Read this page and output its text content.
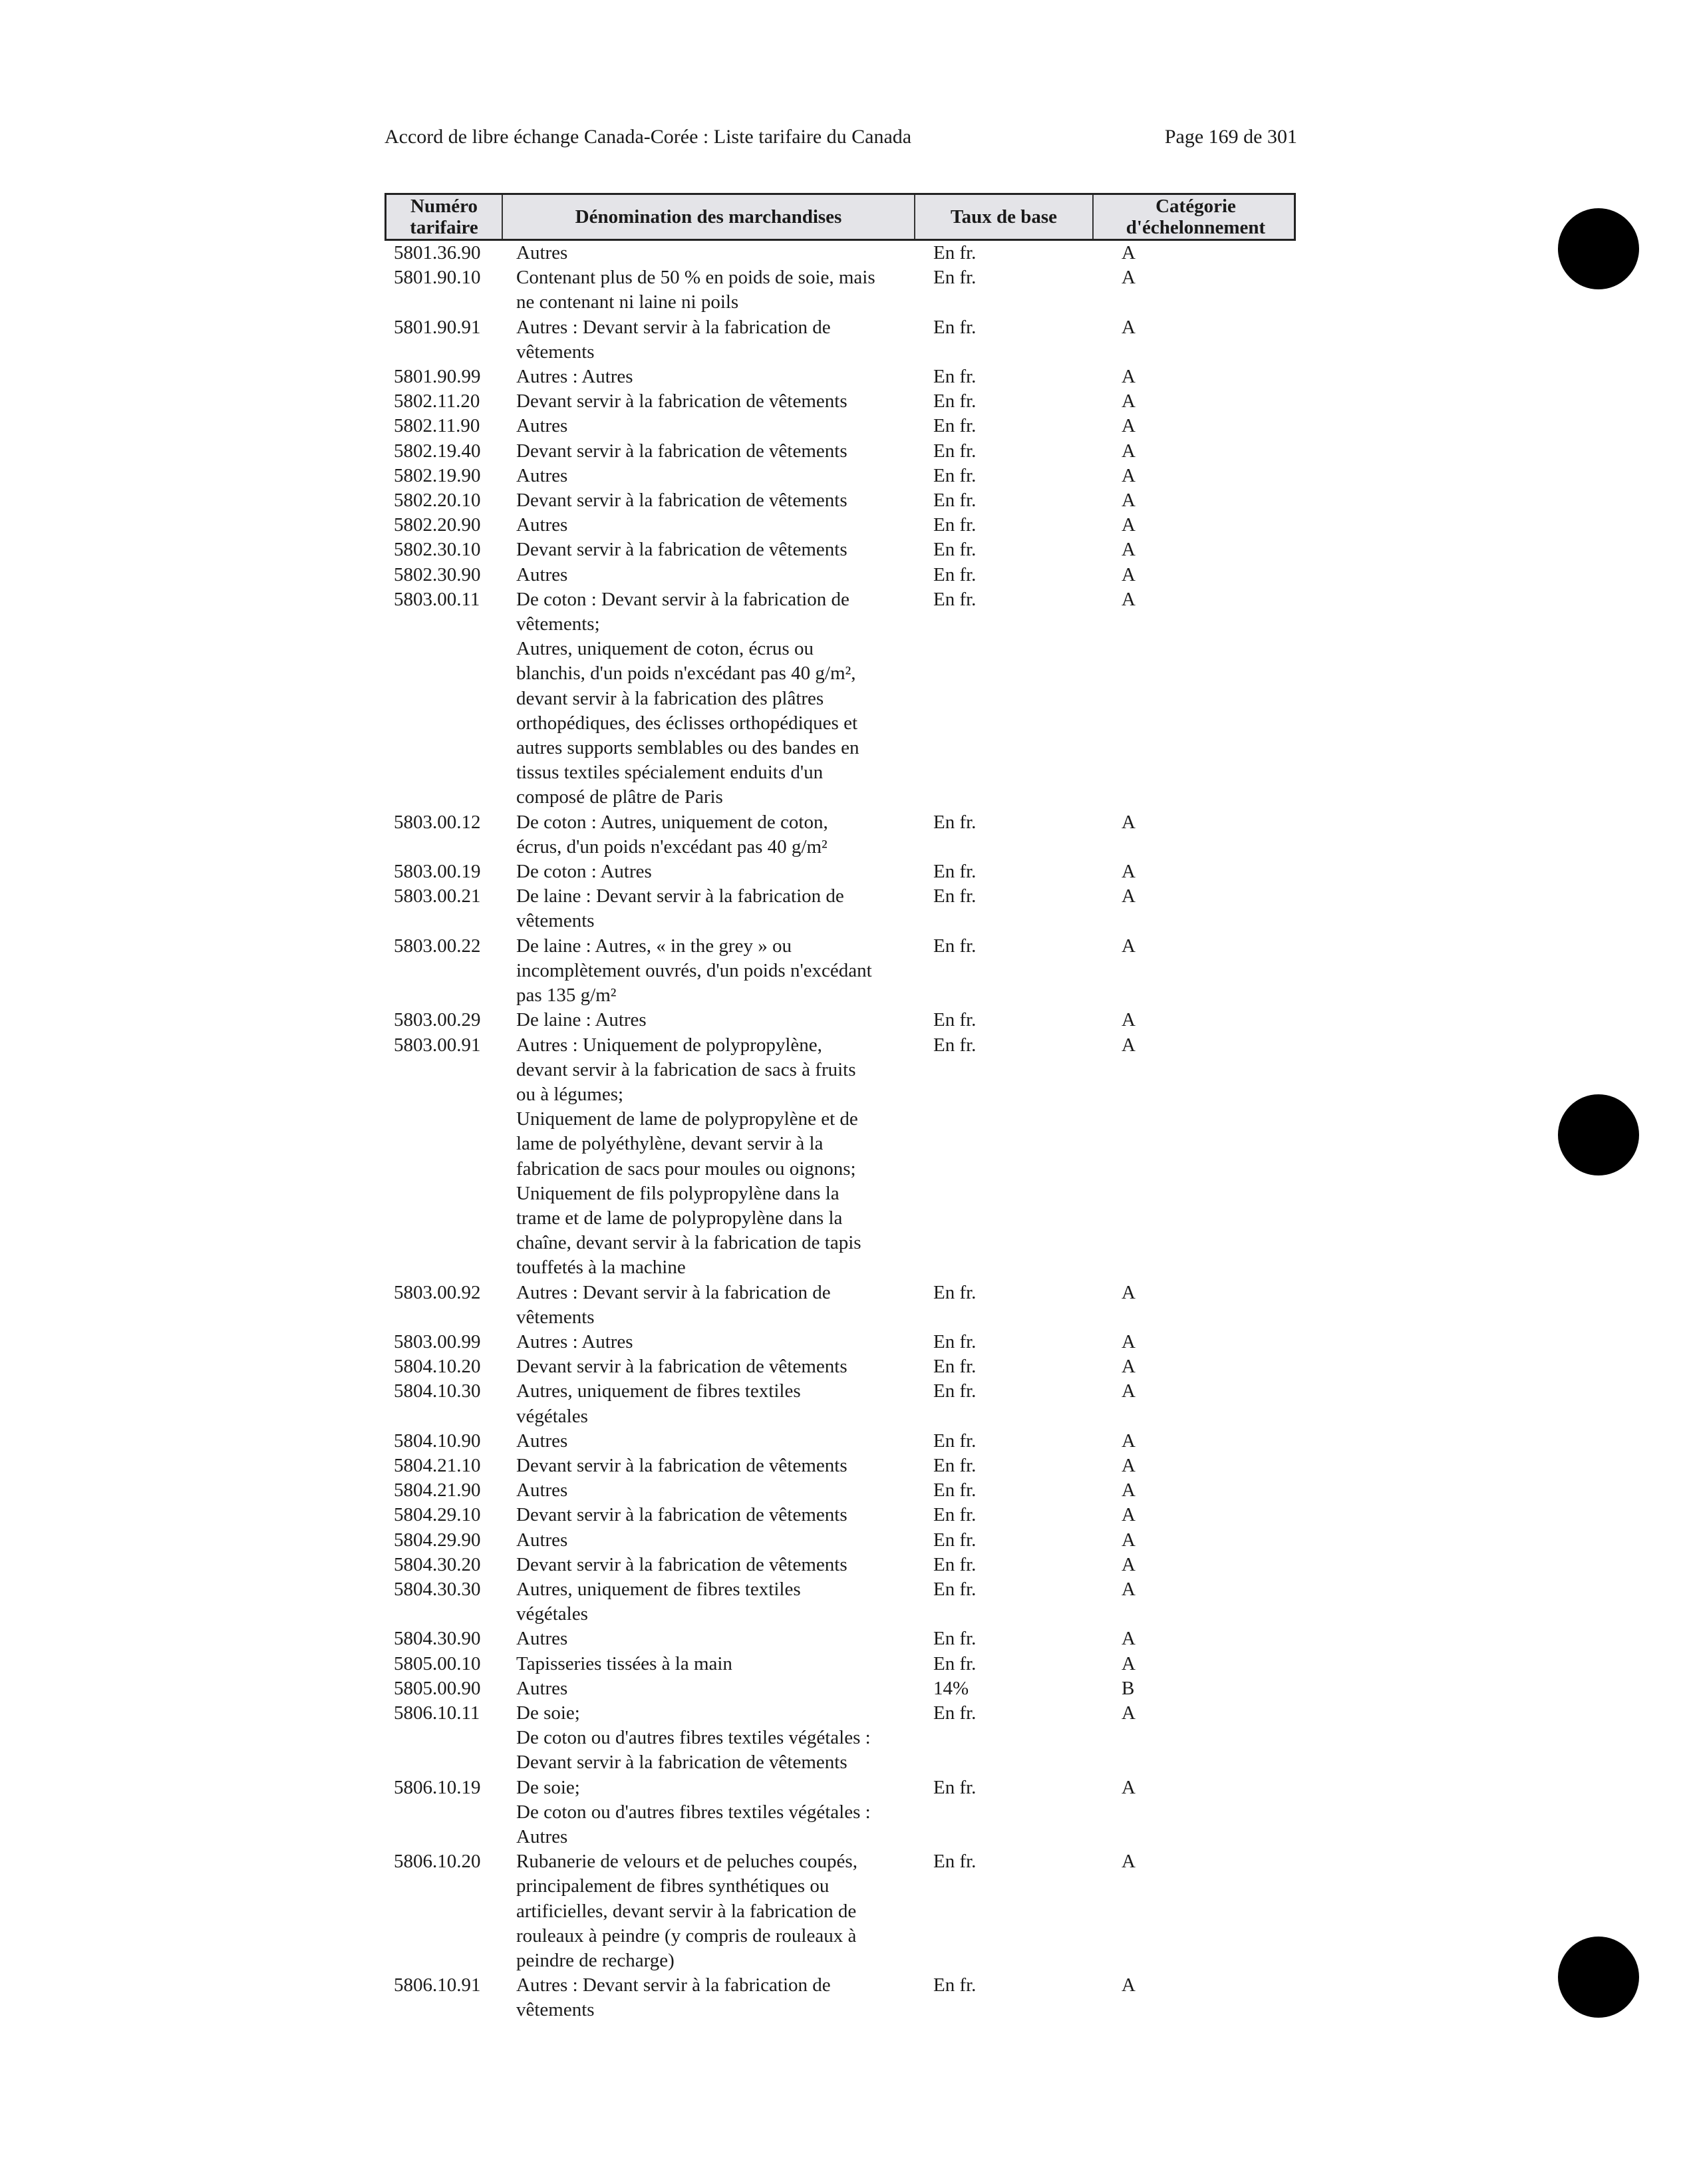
Accord de libre échange Canada-Corée : Liste tarifaire du Canada	Page 169 de 301
Numéro tarifaire	Dénomination des marchandises	Taux de base	Catégorie d'échelonnement
5801.36.90	Autres	En fr.	A
5801.90.10	Contenant plus de 50 % en poids de soie, mais
ne contenant ni laine ni poils
En fr.	A
5801.90.91	Autres : Devant servir à la fabrication de
vêtements
En fr.	A
5801.90.99	Autres : Autres	En fr.	A
5802.11.20	Devant servir à la fabrication de vêtements	En fr.	A
5802.11.90	Autres	En fr.	A
5802.19.40	Devant servir à la fabrication de vêtements	En fr.	A
5802.19.90	Autres	En fr.	A
5802.20.10	Devant servir à la fabrication de vêtements	En fr.	A
5802.20.90	Autres	En fr.	A
5802.30.10	Devant servir à la fabrication de vêtements	En fr.	A
5802.30.90	Autres	En fr.	A
5803.00.11	De coton : Devant servir à la fabrication de
vêtements;
Autres, uniquement de coton, écrus ou
blanchis, d'un poids n'excédant pas 40 g/m²,
devant servir à la fabrication des plâtres
orthopédiques, des éclisses orthopédiques et
autres supports semblables ou des bandes en
tissus textiles spécialement enduits d'un
composé de plâtre de Paris
En fr.	A
5803.00.12	De coton : Autres, uniquement de coton,
écrus, d'un poids n'excédant pas 40 g/m²
En fr.	A
5803.00.19	De coton : Autres	En fr.	A
5803.00.21	De laine : Devant servir à la fabrication de
vêtements
En fr.	A
5803.00.22	De laine : Autres, « in the grey » ou
incomplètement ouvrés, d'un poids n'excédant
pas 135 g/m²
En fr.	A
5803.00.29	De laine : Autres	En fr.	A
5803.00.91	Autres : Uniquement de polypropylène,
devant servir à la fabrication de sacs à fruits
ou à légumes;
Uniquement de lame de polypropylène et de
lame de polyéthylène, devant servir à la
fabrication de sacs pour moules ou oignons;
Uniquement de fils polypropylène dans la
trame et de lame de polypropylène dans la
chaîne, devant servir à la fabrication de tapis
touffetés à la machine
En fr.	A
5803.00.92	Autres : Devant servir à la fabrication de
vêtements
En fr.	A
5803.00.99	Autres : Autres	En fr.	A
5804.10.20	Devant servir à la fabrication de vêtements	En fr.	A
5804.10.30	Autres, uniquement de fibres textiles
végétales
En fr.	A
5804.10.90	Autres	En fr.	A
5804.21.10	Devant servir à la fabrication de vêtements	En fr.	A
5804.21.90	Autres	En fr.	A
5804.29.10	Devant servir à la fabrication de vêtements	En fr.	A
5804.29.90	Autres	En fr.	A
5804.30.20	Devant servir à la fabrication de vêtements	En fr.	A
5804.30.30	Autres, uniquement de fibres textiles
végétales
En fr.	A
5804.30.90	Autres	En fr.	A
5805.00.10	Tapisseries tissées à la main	En fr.	A
5805.00.90	Autres	14%	B
5806.10.11	De soie;
De coton ou d'autres fibres textiles végétales :
Devant servir à la fabrication de vêtements
En fr.	A
5806.10.19	De soie;
De coton ou d'autres fibres textiles végétales :
Autres
En fr.	A
5806.10.20	Rubanerie de velours et de peluches coupés,
principalement de fibres synthétiques ou
artificielles, devant servir à la fabrication de
rouleaux à peindre (y compris de rouleaux à
peindre de recharge)
En fr.	A
5806.10.91	Autres : Devant servir à la fabrication de
vêtements
En fr.	A
